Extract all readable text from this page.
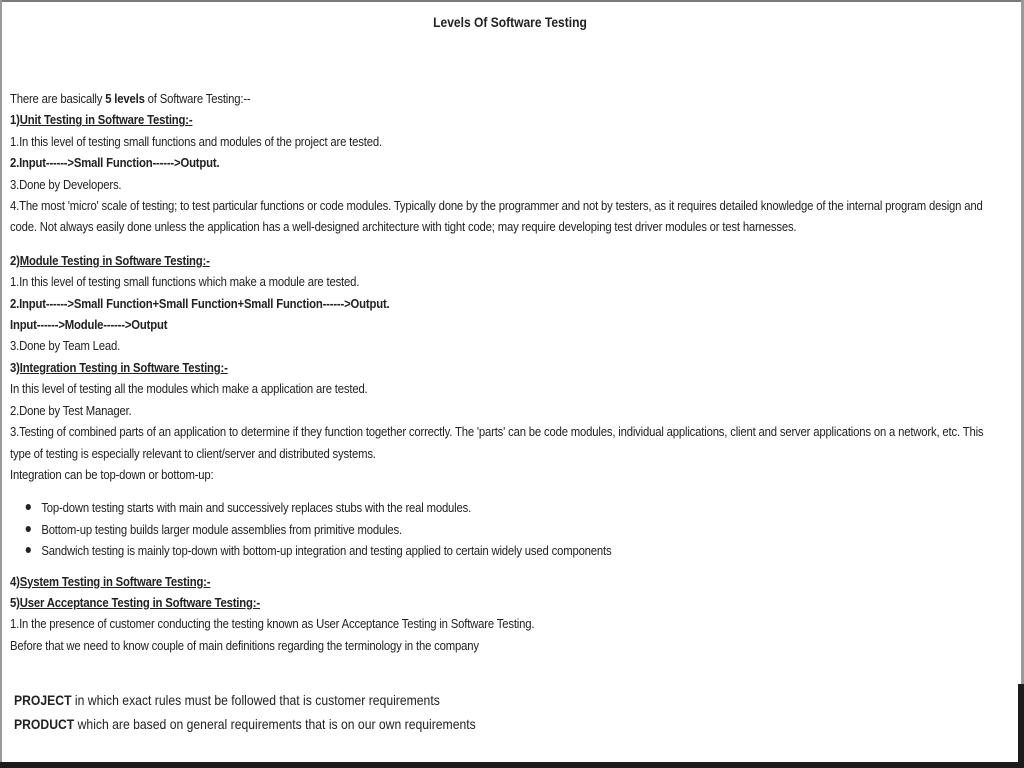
Levels Of Software Testing

There are basically 5 levels of Software Testing:--

1)Unit Testing in Software Testing:-

1.In this level of testing small functions and modules of the project are tested.

2.Input------>Small Function------>Output.

3.Done by Developers.

4.The most 'micro' scale of testing; to test particular functions or code modules. Typically done by the programmer and not by testers, as it requires detailed knowledge of the internal program design and code. Not always easily done unless the application has a well-designed architecture with tight code; may require developing test driver modules or test harnesses.

2)Module Testing in Software Testing:-

1.In this level of testing small functions which make a module are tested.

2.Input------>Small Function+Small Function+Small Function------>Output.

Input------>Module------>Output

3.Done by Team Lead.

3)Integration Testing in Software Testing:-

In this level of testing all the modules which make a application are tested.

2.Done by Test Manager.

3.Testing of combined parts of an application to determine if they function together correctly. The 'parts' can be code modules, individual applications, client and server applications on a network, etc. This type of testing is especially relevant to client/server and distributed systems.

Integration can be top-down or bottom-up:

Top-down testing starts with main and successively replaces stubs with the real modules.
Bottom-up testing builds larger module assemblies from primitive modules.
Sandwich testing is mainly top-down with bottom-up integration and testing applied to certain widely used components

4)System Testing in Software Testing:-

5)User Acceptance Testing in Software Testing:-

1.In the presence of customer conducting the testing known as User Acceptance Testing in Software Testing.

Before that we need to know couple of main definitions regarding the terminology in the company

PROJECT in which exact rules must be followed that is customer requirements

PRODUCT which are based on general requirements that is on our own requirements
